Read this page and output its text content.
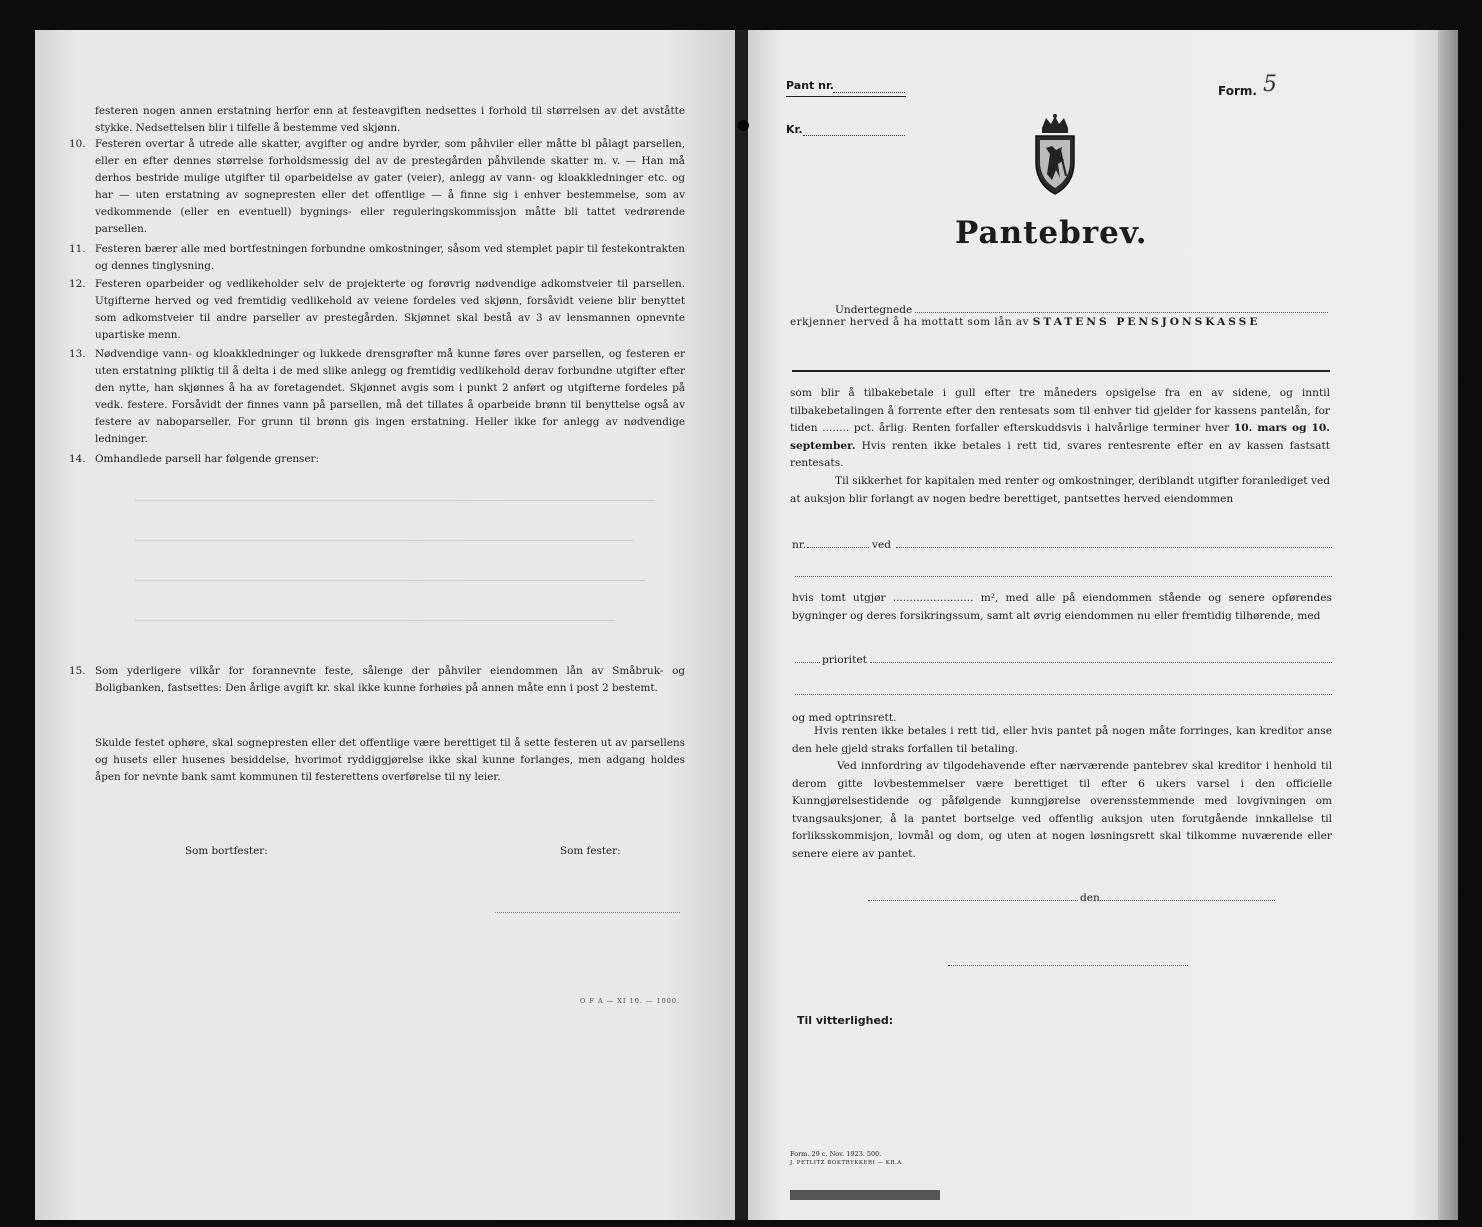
festeren nogen annen erstatning herfor enn at festeavgiften nedsettes i forhold til størrelsen av det avståtte stykke. Nedsettelsen blir i tilfelle å bestemme ved skjønn.
10. Festeren overtar å utrede alle skatter, avgifter og andre byrder, som påhviler eller måtte bl pålagt parsellen, eller en efter dennes størrelse forholdsmessig del av de prestegården påhvilende skatter m. v. — Han må derhos bestride mulige utgifter til oparbeidelse av gater (veier), anlegg av vann- og kloakkledninger etc. og har — uten erstatning av sognepresten eller det offentlige — å finne sig i enhver bestemmelse, som av vedkommende (eller en eventuell) bygnings- eller reguleringskommissjon måtte bli tattet vedrørende parsellen.
11. Festeren bærer alle med bortfestningen forbundne omkostninger, såsom ved stemplet papir til festekontrakten og dennes tinglysning.
12. Festeren oparbeider og vedlikeholder selv de projekterte og forøvrig nødvendige adkomstveier til parsellen. Utgifterne herved og ved fremtidig vedlikehold av veiene fordeles ved skjønn, forsåvidt veiene blir benyttet som adkomstveier til andre parseller av prestegården. Skjønnet skal bestå av 3 av lensmannen opnevnte upartiske menn.
13. Nødvendige vann- og kloakkledninger og lukkede drensgrøfter må kunne føres over parsellen, og festeren er uten erstatning pliktig til å delta i de med slike anlegg og fremtidig vedlikehold derav forbundne utgifter efter den nytte, han skjønnes å ha av foretagendet. Skjønnet avgis som i punkt 2 anført og utgifterne fordeles på vedk. festere. Forsåvidt der finnes vann på parsellen, må det tillates å oparbeide brønn til benyttelse også av festere av naboparseller. For grunn til brønn gis ingen erstatning. Heller ikke for anlegg av nødvendige ledninger.
14. Omhandlede parsell har følgende grenser:
15. Som yderligere vilkår for forannevnte feste, sålenge der påhviler eiendommen lån av Småbruk- og Boligbanken, fastsettes: Den årlige avgift kr. skal ikke kunne forhøies på annen måte enn i post 2 bestemt.
Skulde festet ophøre, skal sognepresten eller det offentlige være berettiget til å sette festeren ut av parsellens og husets eller husenes besiddelse, hvorimot ryddiggjørelse ikke skal kunne forlanges, men adgang holdes åpen for nevnte bank samt kommunen til festerettens overførelse til ny leier.
Som bortfester:	Som fester:
O F A — XI 10. — 1000.
Pant nr.
Kr.
Form. 5
Pantebrev.
Undertegnede
erkjenner herved å ha mottatt som lån av STATENS PENSJONSKASSE
som blir å tilbakebetale i gull efter tre måneders opsigelse fra en av sidene, og inntil tilbakebetalingen å forrente efter den rentesats som til enhver tid gjelder for kassens pantelån, for tiden ........ pct. årlig. Renten forfaller efterskuddsvis i halvårlige terminer hver 10. mars og 10. september. Hvis renten ikke betales i rett tid, svares rentesrente efter en av kassen fastsatt rentesats.
Til sikkerhet for kapitalen med renter og omkostninger, deriblandt utgifter foranlediget ved at auksjon blir forlangt av nogen bedre berettiget, pantsettes herved eiendommen
nr.	ved
hvis tomt utgjør ........................ m², med alle på eiendommen stående og senere opførendes bygninger og deres forsikringssum, samt alt øvrig eiendommen nu eller fremtidig tilhørende, med
prioritet
og med optrinsrett.
Hvis renten ikke betales i rett tid, eller hvis pantet på nogen måte forringes, kan kreditor anse den hele gjeld straks forfallen til betaling.
Ved innfordring av tilgodehavende efter nærværende pantebrev skal kreditor i henhold til derom gitte lovbestemmelser være berettiget til efter 6 ukers varsel i den officielle Kunngjørelsestidende og påfølgende kunngjørelse overensstemmende med lovgivningen om tvangsauksjoner, å la pantet bortselge ved offentlig auksjon uten forutgående innkallelse til forliksskommisjon, lovmål og dom, og uten at nogen løsningsrett skal tilkomme nuværende eller senere eiere av pantet.
den
Til vitterlighed:
Form. 29 c. Nov. 1923. 500.
J. PETLITZ BOKTRYKKERI — KR.A
